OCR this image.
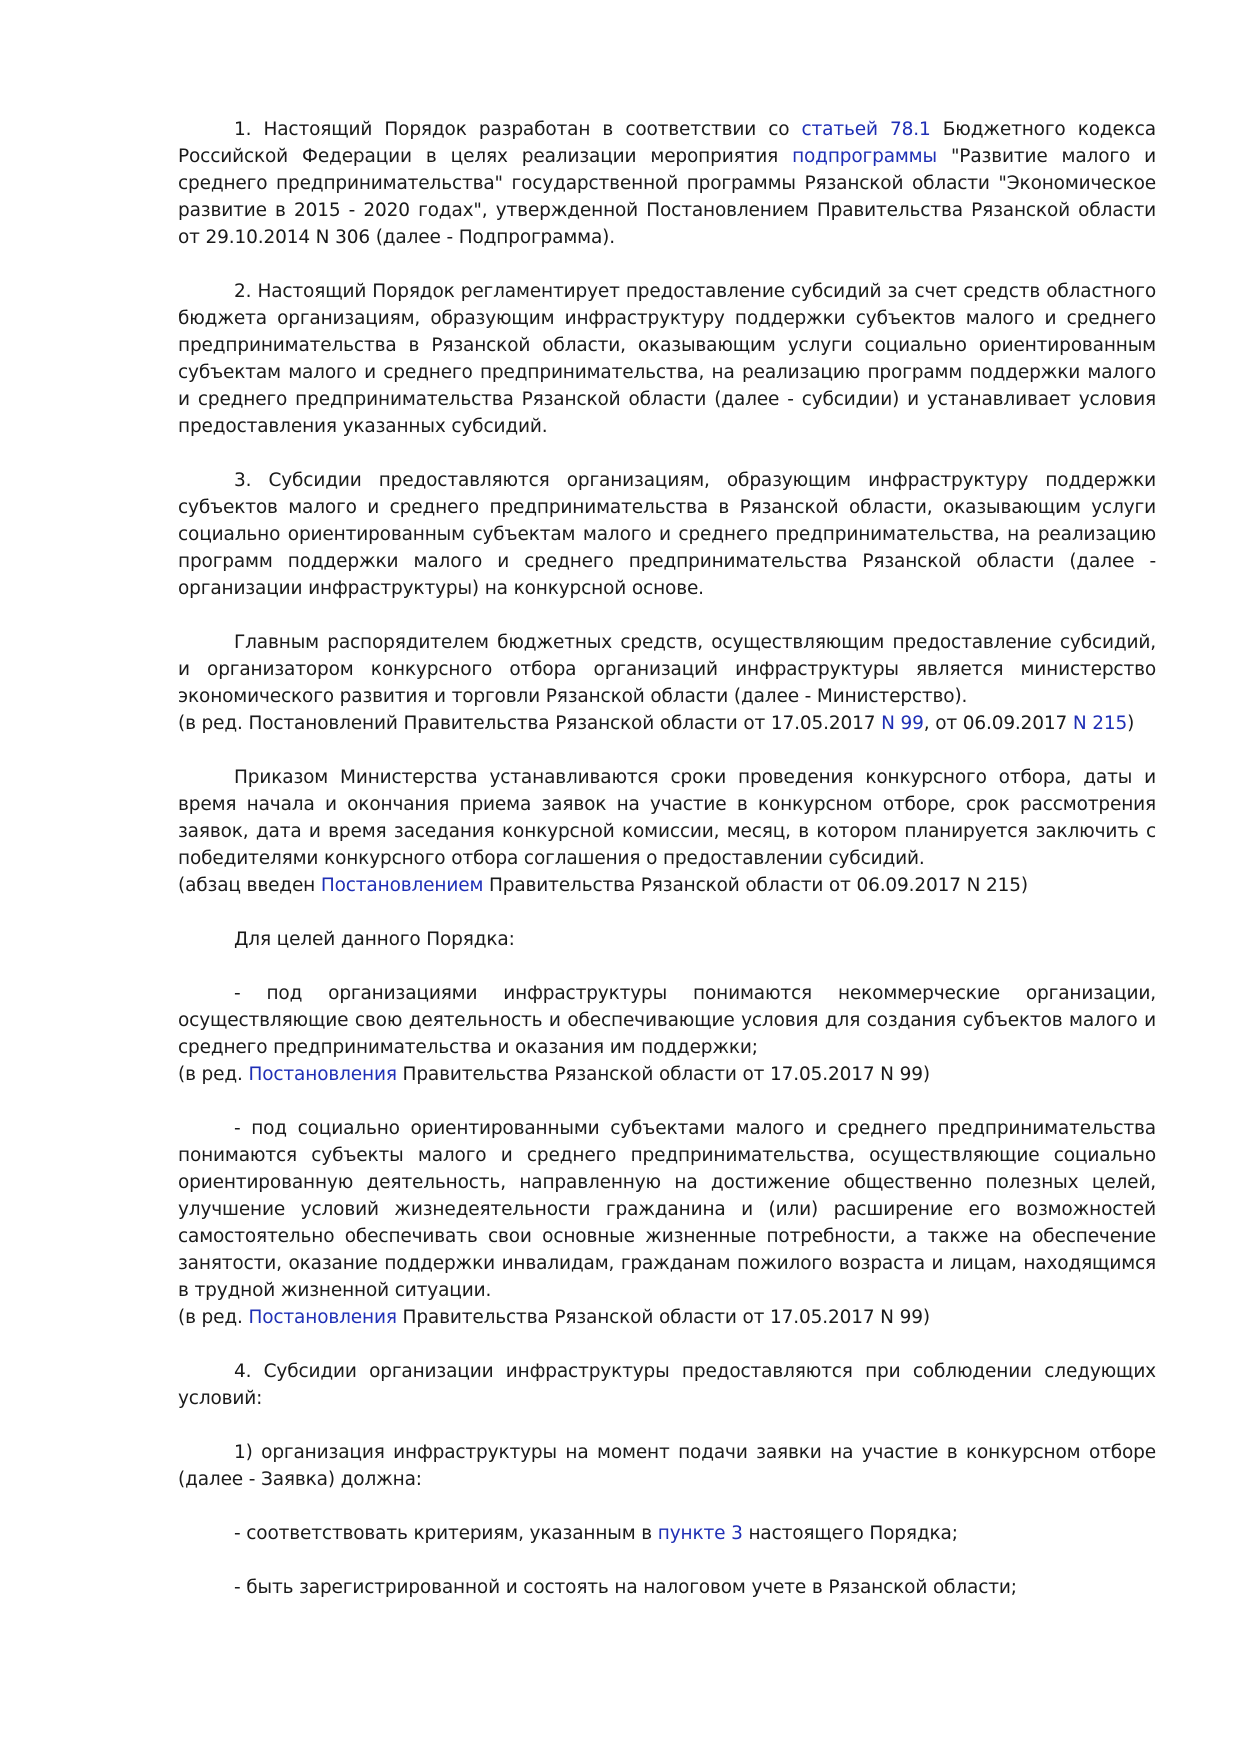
1. Настоящий Порядок разработан в соответствии со статьей 78.1 Бюджетного кодекса Российской Федерации в целях реализации мероприятия подпрограммы "Развитие малого и среднего предпринимательства" государственной программы Рязанской области "Экономическое развитие в 2015 - 2020 годах", утвержденной Постановлением Правительства Рязанской области от 29.10.2014 N 306 (далее - Подпрограмма).

2. Настоящий Порядок регламентирует предоставление субсидий за счет средств областного бюджета организациям, образующим инфраструктуру поддержки субъектов малого и среднего предпринимательства в Рязанской области, оказывающим услуги социально ориентированным субъектам малого и среднего предпринимательства, на реализацию программ поддержки малого и среднего предпринимательства Рязанской области (далее - субсидии) и устанавливает условия предоставления указанных субсидий.

3. Субсидии предоставляются организациям, образующим инфраструктуру поддержки субъектов малого и среднего предпринимательства в Рязанской области, оказывающим услуги социально ориентированным субъектам малого и среднего предпринимательства, на реализацию программ поддержки малого и среднего предпринимательства Рязанской области (далее - организации инфраструктуры) на конкурсной основе.

Главным распорядителем бюджетных средств, осуществляющим предоставление субсидий, и организатором конкурсного отбора организаций инфраструктуры является министерство экономического развития и торговли Рязанской области (далее - Министерство).

(в ред. Постановлений Правительства Рязанской области от 17.05.2017 N 99, от 06.09.2017 N 215)

Приказом Министерства устанавливаются сроки проведения конкурсного отбора, даты и время начала и окончания приема заявок на участие в конкурсном отборе, срок рассмотрения заявок, дата и время заседания конкурсной комиссии, месяц, в котором планируется заключить с победителями конкурсного отбора соглашения о предоставлении субсидий.

(абзац введен Постановлением Правительства Рязанской области от 06.09.2017 N 215)

Для целей данного Порядка:

- под организациями инфраструктуры понимаются некоммерческие организации, осуществляющие свою деятельность и обеспечивающие условия для создания субъектов малого и среднего предпринимательства и оказания им поддержки;

(в ред. Постановления Правительства Рязанской области от 17.05.2017 N 99)

- под социально ориентированными субъектами малого и среднего предпринимательства понимаются субъекты малого и среднего предпринимательства, осуществляющие социально ориентированную деятельность, направленную на достижение общественно полезных целей, улучшение условий жизнедеятельности гражданина и (или) расширение его возможностей самостоятельно обеспечивать свои основные жизненные потребности, а также на обеспечение занятости, оказание поддержки инвалидам, гражданам пожилого возраста и лицам, находящимся в трудной жизненной ситуации.

(в ред. Постановления Правительства Рязанской области от 17.05.2017 N 99)

4. Субсидии организации инфраструктуры предоставляются при соблюдении следующих условий:

1) организация инфраструктуры на момент подачи заявки на участие в конкурсном отборе (далее - Заявка) должна:

- соответствовать критериям, указанным в пункте 3 настоящего Порядка;

- быть зарегистрированной и состоять на налоговом учете в Рязанской области;
